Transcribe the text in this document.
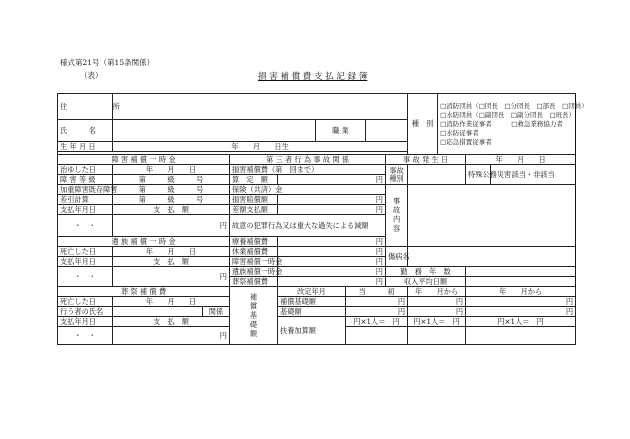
様式第21号（第15条関係）
（表）	損 害 補 償 費 支 払 記 録 簿
住　　　所									種　別	□消防団員（□団長　□分団長　□部長　□団員）
□水防団員（□副団長　□副分団長　□班長）
□消防作業従事者　　　□救急業務協力者
□水防従事者
□応急措置従事者			

氏　　　名					職 業								
生 年 月 日	年　　月　　日生												

障 害 補 償 一 時 金			第 三 者 行 為 事 故 関 係					事 故 発 生 日			年　　月　　日		
治ゆした日	年　　月　　日		損害補償費（第　回まで）					事故種別			特殊公務災害	該当・非該当	
障 害 等 級	第　　　級　　　号		算　定　額	円									
加重障害既存障害	第　　　級　　　号		保険（共済）金					事故内容					
差引計算	第　　　級　　　号		損害賠償額	円									
支払年月日	支　払　額		差額支払額	円									
・　・	円		故意の犯罪行為又は重大な過失による減額										
遺 族 補 償 一 時 金			療養補償費	円									
死亡した日	年　　月　　日		休業補償費	円				傷病名					
支払年月日	支　払　額		障害補償一時金	円									
・　・	円		遺族補償一時金	円				勤　務　年　数					
			葬祭補償費	円				収入平均日額					
葬 祭 補 償 費			補償基礎額	改定年月		当　　　初			年　　月から		年　　月から	
死亡した日	年　　月　　日			補償基礎額		円			円		円	
行う者の氏名		関係		基礎額		円			円		円	
支払年月日	支　払　額			扶養加算額		円×1人＝　円			円×1人＝　円		円×1人＝　円	
・　・	円												
